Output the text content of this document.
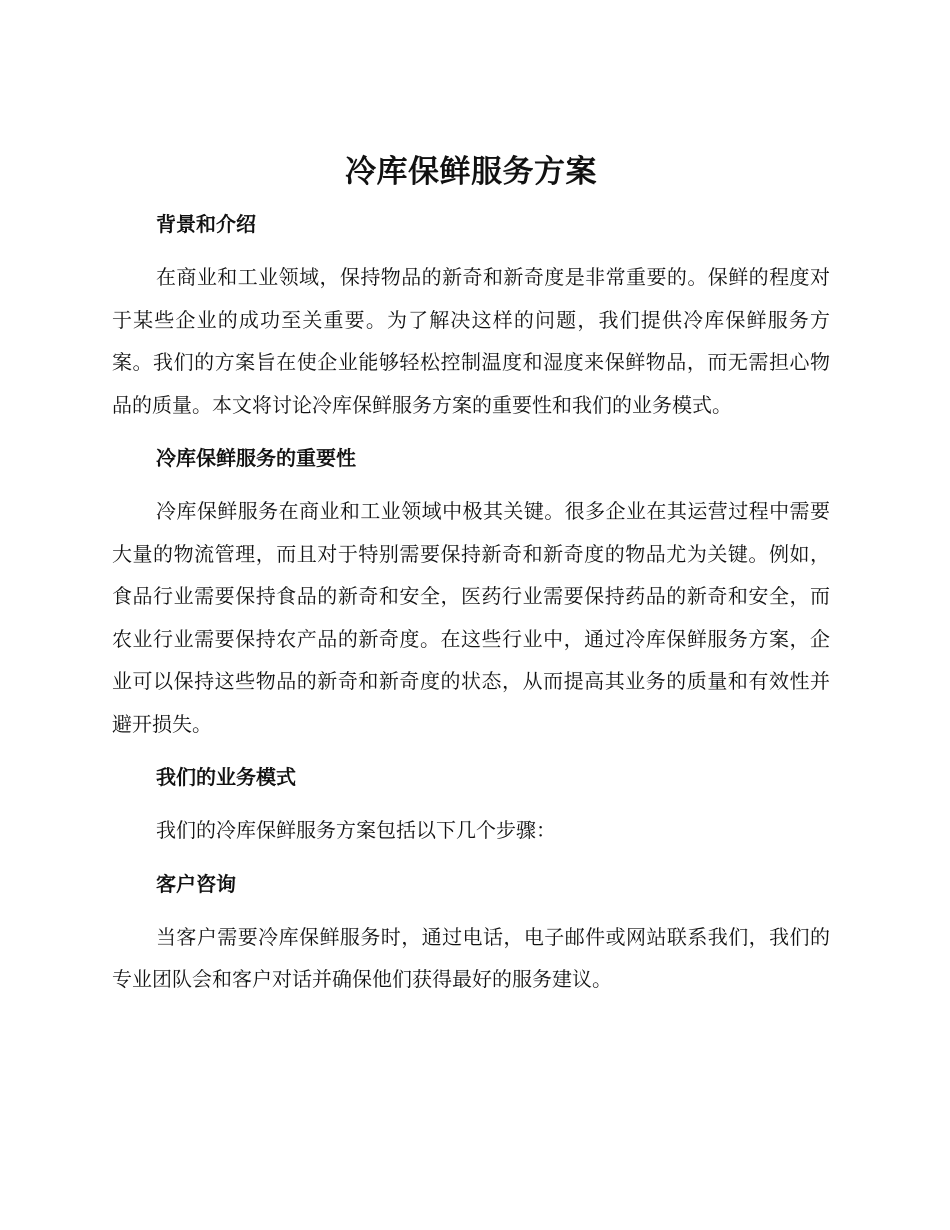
冷库保鲜服务方案
背景和介绍

在商业和工业领域，保持物品的新奇和新奇度是非常重要的。保鲜的程度对于某些企业的成功至关重要。为了解决这样的问题，我们提供冷库保鲜服务方案。我们的方案旨在使企业能够轻松控制温度和湿度来保鲜物品，而无需担心物品的质量。本文将讨论冷库保鲜服务方案的重要性和我们的业务模式。

冷库保鲜服务的重要性

冷库保鲜服务在商业和工业领域中极其关键。很多企业在其运营过程中需要大量的物流管理，而且对于特别需要保持新奇和新奇度的物品尤为关键。例如，食品行业需要保持食品的新奇和安全，医药行业需要保持药品的新奇和安全，而农业行业需要保持农产品的新奇度。在这些行业中，通过冷库保鲜服务方案，企业可以保持这些物品的新奇和新奇度的状态，从而提高其业务的质量和有效性并避开损失。

我们的业务模式

我们的冷库保鲜服务方案包括以下几个步骤：

客户咨询

当客户需要冷库保鲜服务时，通过电话，电子邮件或网站联系我们，我们的专业团队会和客户对话并确保他们获得最好的服务建议。
